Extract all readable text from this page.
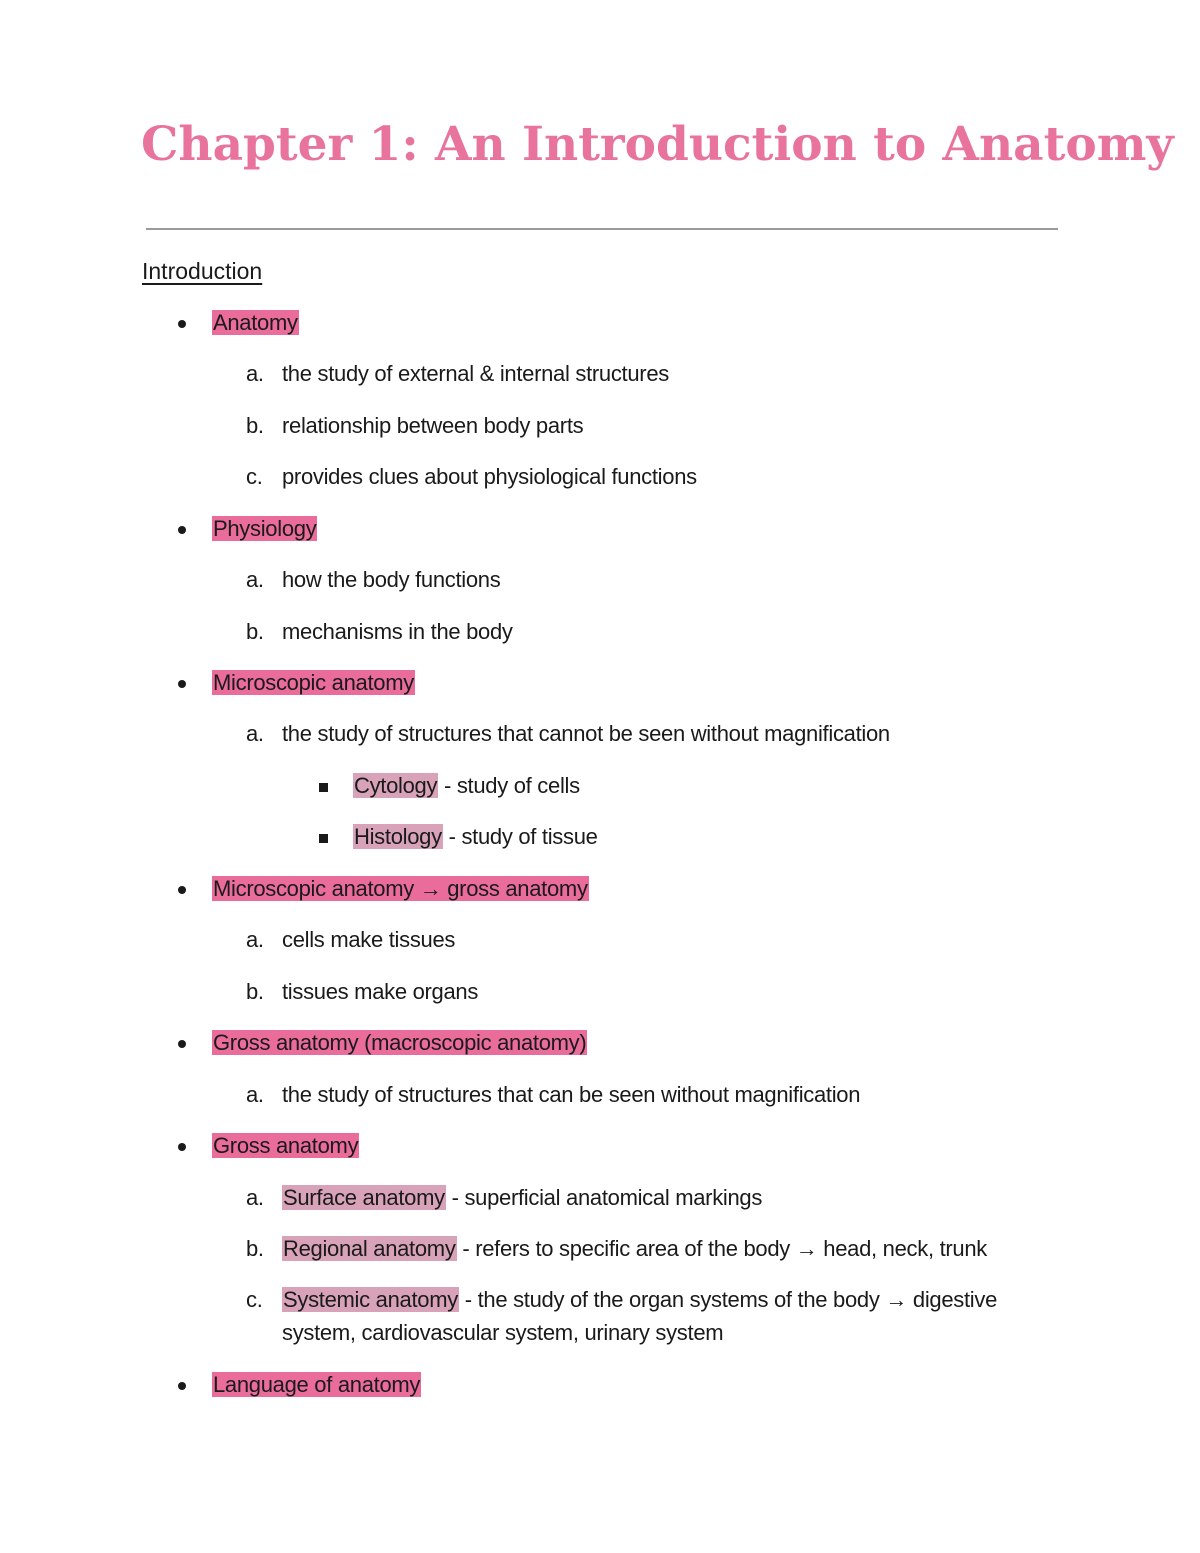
Chapter 1: An Introduction to Anatomy
Introduction
Anatomy
a. the study of external & internal structures
b. relationship between body parts
c. provides clues about physiological functions
Physiology
a. how the body functions
b. mechanisms in the body
Microscopic anatomy
a. the study of structures that cannot be seen without magnification
Cytology - study of cells
Histology - study of tissue
Microscopic anatomy → gross anatomy
a. cells make tissues
b. tissues make organs
Gross anatomy (macroscopic anatomy)
a. the study of structures that can be seen without magnification
Gross anatomy
a. Surface anatomy - superficial anatomical markings
b. Regional anatomy - refers to specific area of the body → head, neck, trunk
c. Systemic anatomy - the study of the organ systems of the body → digestive
system, cardiovascular system, urinary system
Language of anatomy
